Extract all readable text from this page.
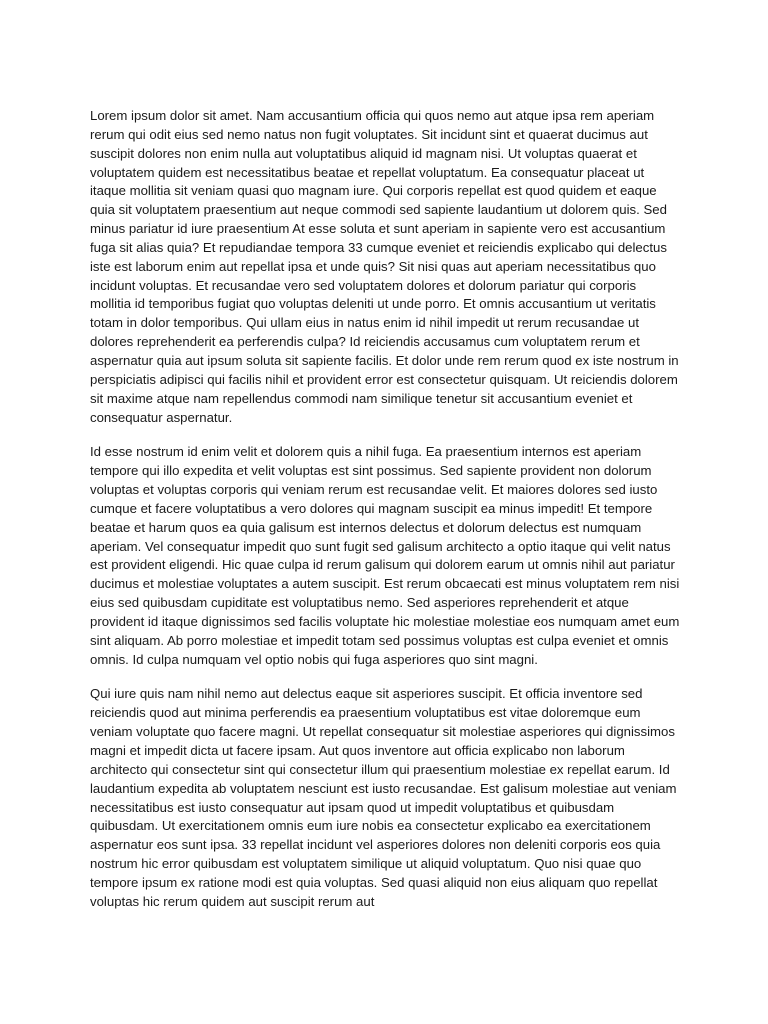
Lorem ipsum dolor sit amet. Nam accusantium officia qui quos nemo aut atque ipsa rem aperiam rerum qui odit eius sed nemo natus non fugit voluptates. Sit incidunt sint et quaerat ducimus aut suscipit dolores non enim nulla aut voluptatibus aliquid id magnam nisi. Ut voluptas quaerat et voluptatem quidem est necessitatibus beatae et repellat voluptatum. Ea consequatur placeat ut itaque mollitia sit veniam quasi quo magnam iure. Qui corporis repellat est quod quidem et eaque quia sit voluptatem praesentium aut neque commodi sed sapiente laudantium ut dolorem quis. Sed minus pariatur id iure praesentium At esse soluta et sunt aperiam in sapiente vero est accusantium fuga sit alias quia? Et repudiandae tempora 33 cumque eveniet et reiciendis explicabo qui delectus iste est laborum enim aut repellat ipsa et unde quis? Sit nisi quas aut aperiam necessitatibus quo incidunt voluptas. Et recusandae vero sed voluptatem dolores et dolorum pariatur qui corporis mollitia id temporibus fugiat quo voluptas deleniti ut unde porro. Et omnis accusantium ut veritatis totam in dolor temporibus. Qui ullam eius in natus enim id nihil impedit ut rerum recusandae ut dolores reprehenderit ea perferendis culpa? Id reiciendis accusamus cum voluptatem rerum et aspernatur quia aut ipsum soluta sit sapiente facilis. Et dolor unde rem rerum quod ex iste nostrum in perspiciatis adipisci qui facilis nihil et provident error est consectetur quisquam. Ut reiciendis dolorem sit maxime atque nam repellendus commodi nam similique tenetur sit accusantium eveniet et consequatur aspernatur.

Id esse nostrum id enim velit et dolorem quis a nihil fuga. Ea praesentium internos est aperiam tempore qui illo expedita et velit voluptas est sint possimus. Sed sapiente provident non dolorum voluptas et voluptas corporis qui veniam rerum est recusandae velit. Et maiores dolores sed iusto cumque et facere voluptatibus a vero dolores qui magnam suscipit ea minus impedit! Et tempore beatae et harum quos ea quia galisum est internos delectus et dolorum delectus est numquam aperiam. Vel consequatur impedit quo sunt fugit sed galisum architecto a optio itaque qui velit natus est provident eligendi. Hic quae culpa id rerum galisum qui dolorem earum ut omnis nihil aut pariatur ducimus et molestiae voluptates a autem suscipit. Est rerum obcaecati est minus voluptatem rem nisi eius sed quibusdam cupiditate est voluptatibus nemo. Sed asperiores reprehenderit et atque provident id itaque dignissimos sed facilis voluptate hic molestiae molestiae eos numquam amet eum sint aliquam. Ab porro molestiae et impedit totam sed possimus voluptas est culpa eveniet et omnis omnis. Id culpa numquam vel optio nobis qui fuga asperiores quo sint magni.

Qui iure quis nam nihil nemo aut delectus eaque sit asperiores suscipit. Et officia inventore sed reiciendis quod aut minima perferendis ea praesentium voluptatibus est vitae doloremque eum veniam voluptate quo facere magni. Ut repellat consequatur sit molestiae asperiores qui dignissimos magni et impedit dicta ut facere ipsam. Aut quos inventore aut officia explicabo non laborum architecto qui consectetur sint qui consectetur illum qui praesentium molestiae ex repellat earum. Id laudantium expedita ab voluptatem nesciunt est iusto recusandae. Est galisum molestiae aut veniam necessitatibus est iusto consequatur aut ipsam quod ut impedit voluptatibus et quibusdam quibusdam. Ut exercitationem omnis eum iure nobis ea consectetur explicabo ea exercitationem aspernatur eos sunt ipsa. 33 repellat incidunt vel asperiores dolores non deleniti corporis eos quia nostrum hic error quibusdam est voluptatem similique ut aliquid voluptatum. Quo nisi quae quo tempore ipsum ex ratione modi est quia voluptas. Sed quasi aliquid non eius aliquam quo repellat voluptas hic rerum quidem aut suscipit rerum aut
